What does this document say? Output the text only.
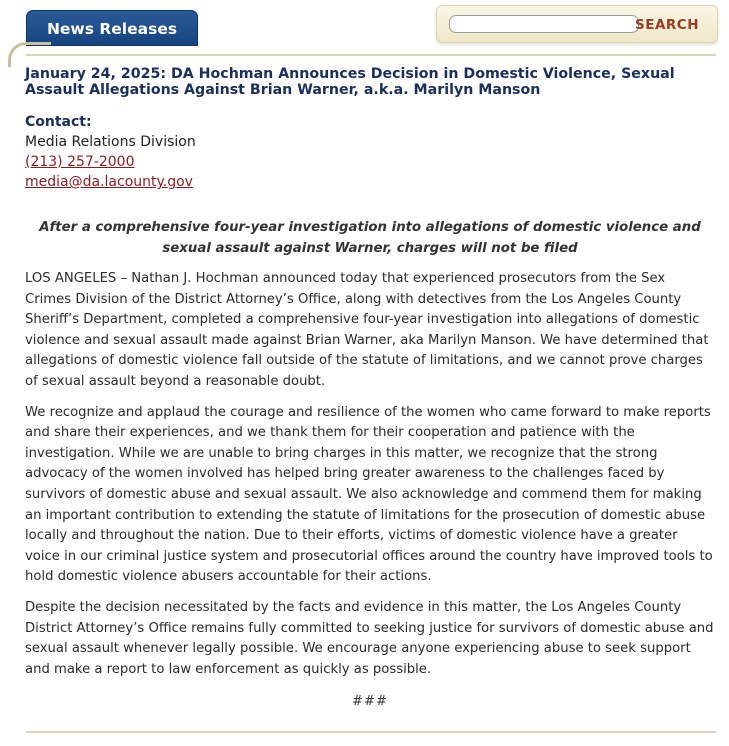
News Releases	SEARCH
January 24, 2025: DA Hochman Announces Decision in Domestic Violence, Sexual Assault Allegations Against Brian Warner, a.k.a. Marilyn Manson
Contact:
Media Relations Division
(213) 257-2000
media@da.lacounty.gov
After a comprehensive four-year investigation into allegations of domestic violence and sexual assault against Warner, charges will not be filed

LOS ANGELES – Nathan J. Hochman announced today that experienced prosecutors from the Sex Crimes Division of the District Attorney’s Office, along with detectives from the Los Angeles County Sheriff’s Department, completed a comprehensive four-year investigation into allegations of domestic violence and sexual assault made against Brian Warner, aka Marilyn Manson. We have determined that allegations of domestic violence fall outside of the statute of limitations, and we cannot prove charges of sexual assault beyond a reasonable doubt.

We recognize and applaud the courage and resilience of the women who came forward to make reports and share their experiences, and we thank them for their cooperation and patience with the investigation. While we are unable to bring charges in this matter, we recognize that the strong advocacy of the women involved has helped bring greater awareness to the challenges faced by survivors of domestic abuse and sexual assault. We also acknowledge and commend them for making an important contribution to extending the statute of limitations for the prosecution of domestic abuse locally and throughout the nation. Due to their efforts, victims of domestic violence have a greater voice in our criminal justice system and prosecutorial offices around the country have improved tools to hold domestic violence abusers accountable for their actions.

Despite the decision necessitated by the facts and evidence in this matter, the Los Angeles County District Attorney’s Office remains fully committed to seeking justice for survivors of domestic abuse and sexual assault whenever legally possible. We encourage anyone experiencing abuse to seek support and make a report to law enforcement as quickly as possible.

###
